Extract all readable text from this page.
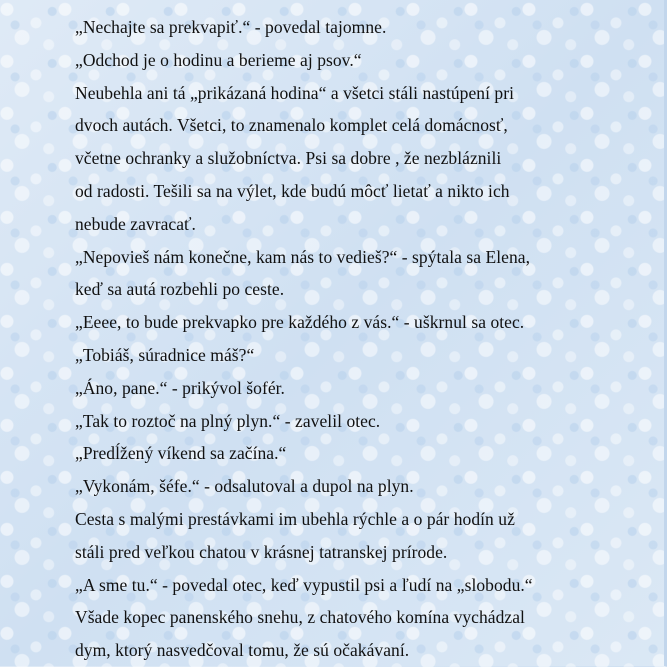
„Nechajte sa prekvapiť.“ - povedal tajomne.
„Odchod je o hodinu a berieme aj psov.“
Neubehla ani tá „prikázaná hodina“ a všetci stáli nastúpení pri
dvoch autách. Všetci, to znamenalo komplet celá domácnosť,
včetne ochranky a služobníctva. Psi sa dobre , že nezbláznili
od radosti. Tešili sa na výlet, kde budú môcť lietať a nikto ich
nebude zavracať.
„Nepovieš nám konečne, kam nás to vedieš?“ - spýtala sa Elena,
keď sa autá rozbehli po ceste.
„Eeee, to bude prekvapko pre každého z vás.“ - uškrnul sa otec.
„Tobiáš, súradnice máš?“
„Áno, pane.“ - prikývol šofér.
„Tak to roztoč na plný plyn.“ - zavelil otec.
„Predĺžený víkend sa začína.“
„Vykonám, šéfe.“ - odsalutoval a dupol na plyn.
Cesta s malými prestávkami im ubehla rýchle a o pár hodín už
stáli pred veľkou chatou v krásnej tatranskej prírode.
„A sme tu.“ - povedal otec, keď vypustil psi a ľudí na „slobodu.“
Všade kopec panenského snehu, z chatového komína vychádzal
dym, ktorý nasvedčoval tomu, že sú očakávaní.
